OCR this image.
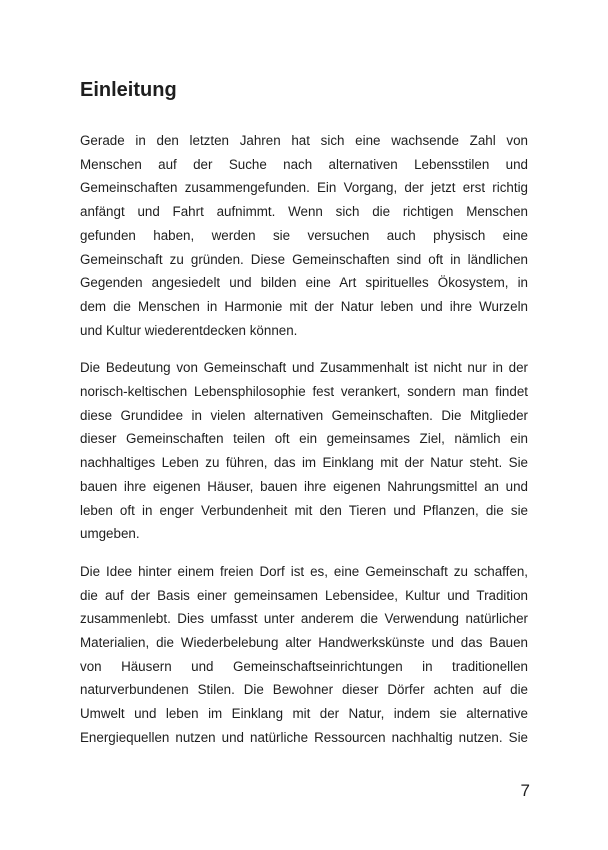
Einleitung
Gerade in den letzten Jahren hat sich eine wachsende Zahl von
Menschen auf der Suche nach alternativen Lebensstilen und
Gemeinschaften zusammengefunden. Ein Vorgang, der jetzt erst richtig
anfängt und Fahrt aufnimmt. Wenn sich die richtigen Menschen
gefunden haben, werden sie versuchen auch physisch eine
Gemeinschaft zu gründen. Diese Gemeinschaften sind oft in ländlichen
Gegenden angesiedelt und bilden eine Art spirituelles Ökosystem, in
dem die Menschen in Harmonie mit der Natur leben und ihre Wurzeln
und Kultur wiederentdecken können.
Die Bedeutung von Gemeinschaft und Zusammenhalt ist nicht nur in der
norisch-keltischen Lebensphilosophie fest verankert, sondern man findet
diese Grundidee in vielen alternativen Gemeinschaften. Die Mitglieder
dieser Gemeinschaften teilen oft ein gemeinsames Ziel, nämlich ein
nachhaltiges Leben zu führen, das im Einklang mit der Natur steht. Sie
bauen ihre eigenen Häuser, bauen ihre eigenen Nahrungsmittel an und
leben oft in enger Verbundenheit mit den Tieren und Pflanzen, die sie
umgeben.
Die Idee hinter einem freien Dorf ist es, eine Gemeinschaft zu schaffen,
die auf der Basis einer gemeinsamen Lebensidee, Kultur und Tradition
zusammenlebt. Dies umfasst unter anderem die Verwendung natürlicher
Materialien, die Wiederbelebung alter Handwerkskünste und das Bauen
von Häusern und Gemeinschaftseinrichtungen in traditionellen
naturverbundenen Stilen. Die Bewohner dieser Dörfer achten auf die
Umwelt und leben im Einklang mit der Natur, indem sie alternative
Energiequellen nutzen und natürliche Ressourcen nachhaltig nutzen. Sie
7
